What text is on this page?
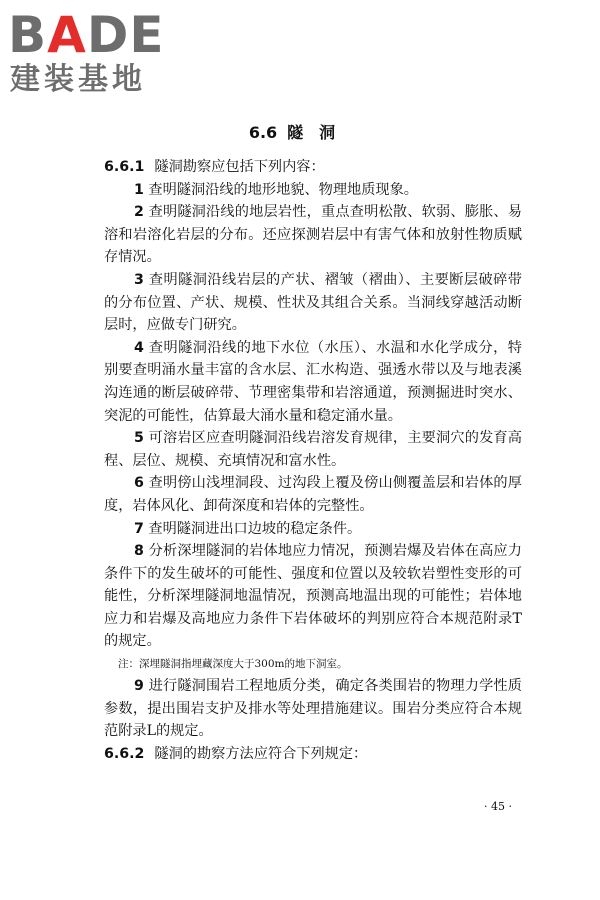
BADE
建装基地
6.6 隧洞

6.6.1 隧洞勘察应包括下列内容：

1 查明隧洞沿线的地形地貌、物理地质现象。

2 查明隧洞沿线的地层岩性，重点查明松散、软弱、膨胀、易溶和岩溶化岩层的分布。还应探测岩层中有害气体和放射性物质赋存情况。

3 查明隧洞沿线岩层的产状、褶皱（褶曲）、主要断层破碎带的分布位置、产状、规模、性状及其组合关系。当洞线穿越活动断层时，应做专门研究。

4 查明隧洞沿线的地下水位（水压）、水温和水化学成分，特别要查明涌水量丰富的含水层、汇水构造、强透水带以及与地表溪沟连通的断层破碎带、节理密集带和岩溶通道，预测掘进时突水、突泥的可能性，估算最大涌水量和稳定涌水量。

5 可溶岩区应查明隧洞沿线岩溶发育规律，主要洞穴的发育高程、层位、规模、充填情况和富水性。

6 查明傍山浅埋洞段、过沟段上覆及傍山侧覆盖层和岩体的厚度，岩体风化、卸荷深度和岩体的完整性。

7 查明隧洞进出口边坡的稳定条件。

8 分析深埋隧洞的岩体地应力情况，预测岩爆及岩体在高应力条件下的发生破坏的可能性、强度和位置以及较软岩塑性变形的可能性，分析深埋隧洞地温情况，预测高地温出现的可能性；岩体地应力和岩爆及高地应力条件下岩体破坏的判别应符合本规范附录T的规定。

注：深埋隧洞指埋藏深度大于300m的地下洞室。

9 进行隧洞围岩工程地质分类，确定各类围岩的物理力学性质参数，提出围岩支护及排水等处理措施建议。围岩分类应符合本规范附录L的规定。

6.6.2 隧洞的勘察方法应符合下列规定：

· 45 ·
